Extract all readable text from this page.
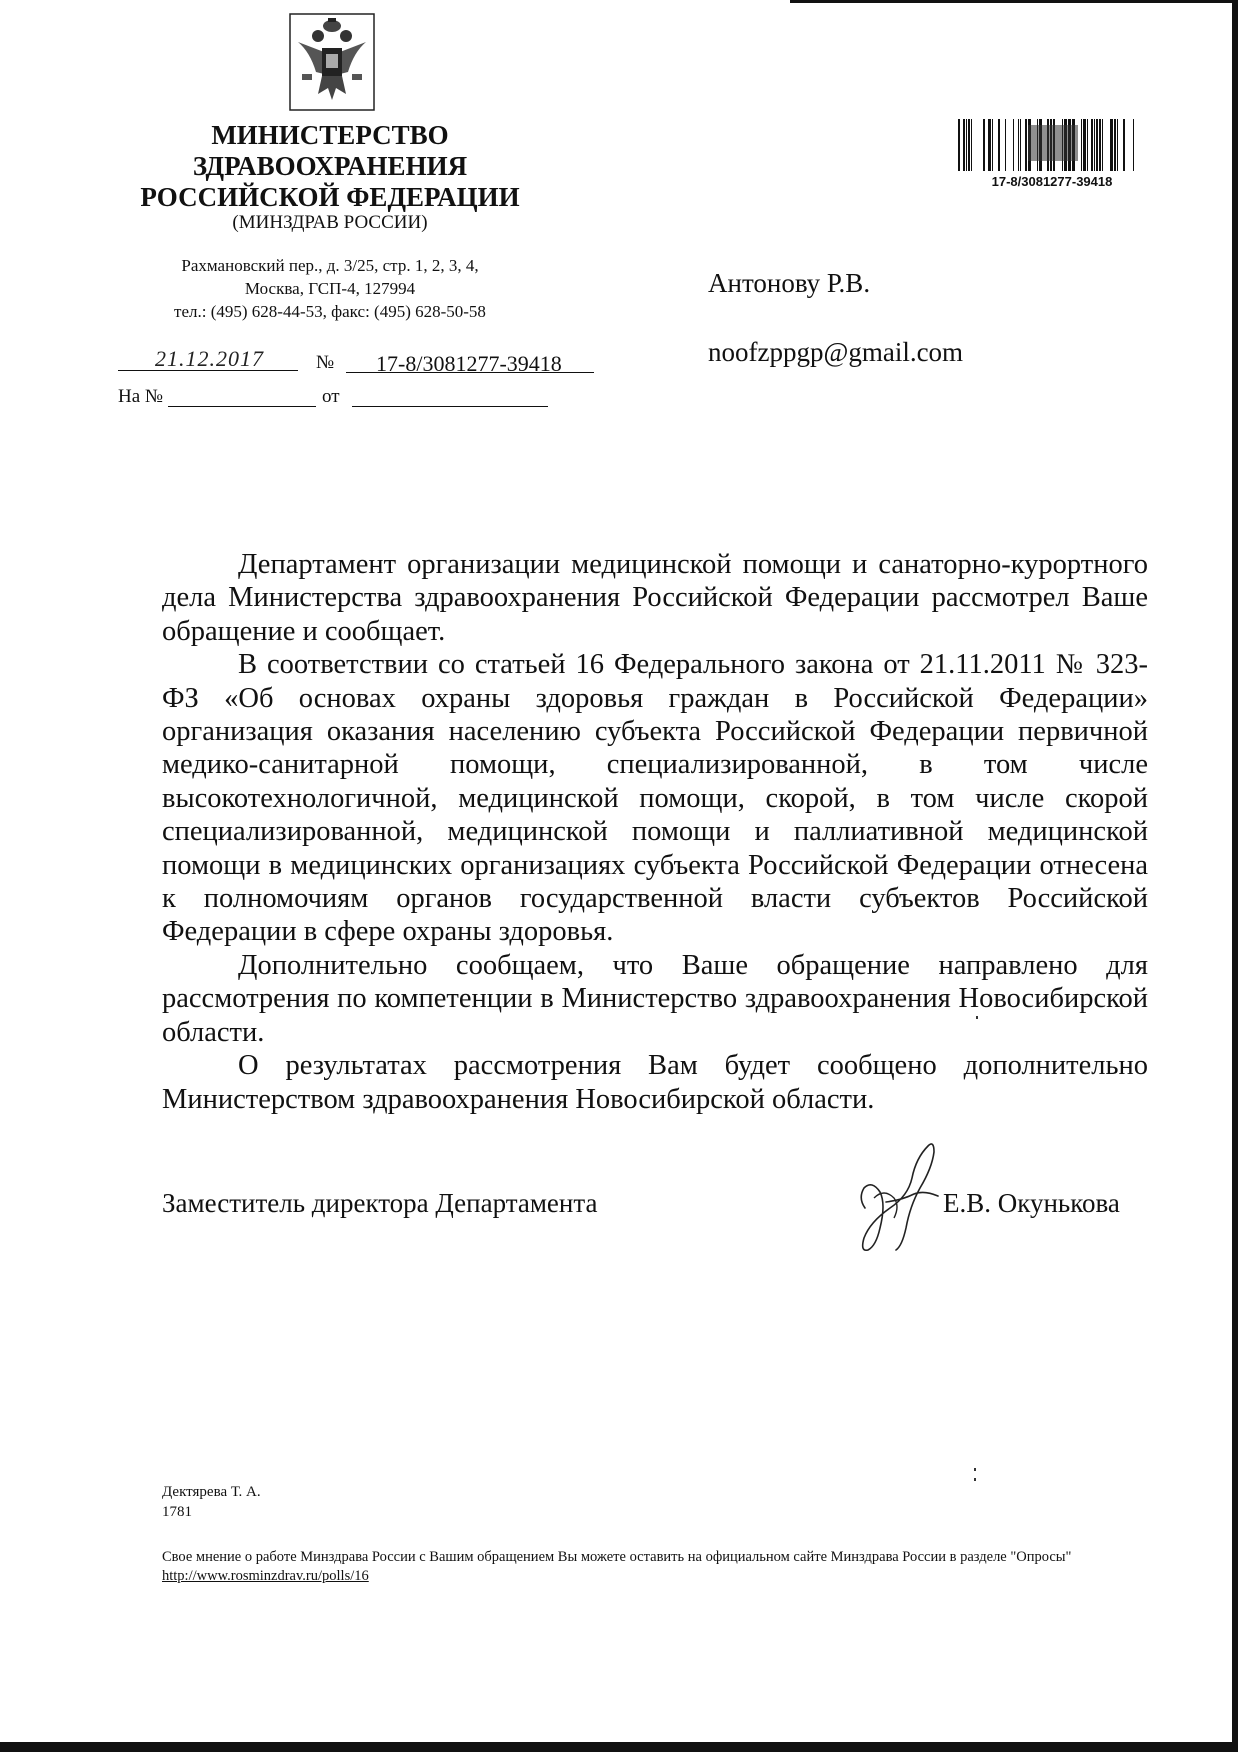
МИНИСТЕРСТВО
ЗДРАВООХРАНЕНИЯ
РОССИЙСКОЙ ФЕДЕРАЦИИ
(МИНЗДРАВ РОССИИ)
Рахмановский пер., д. 3/25, стр. 1, 2, 3, 4,
Москва, ГСП-4, 127994
тел.: (495) 628-44-53, факс: (495) 628-50-58
21.12.2017	№ 17-8/3081277-39418
На №	от
17-8/3081277-39418
Антонову Р.В.
noofzppgp@gmail.com

Департамент организации медицинской помощи и санаторно-курортного дела Министерства здравоохранения Российской Федерации рассмотрел Ваше обращение и сообщает.

В соответствии со статьей 16 Федерального закона от 21.11.2011 № 323-ФЗ «Об основах охраны здоровья граждан в Российской Федерации» организация оказания населению субъекта Российской Федерации первичной медико-санитарной помощи, специализированной, в том числе высокотехнологичной, медицинской помощи, скорой, в том числе скорой специализированной, медицинской помощи и паллиативной медицинской помощи в медицинских организациях субъекта Российской Федерации отнесена к полномочиям органов государственной власти субъектов Российской Федерации в сфере охраны здоровья.

Дополнительно сообщаем, что Ваше обращение направлено для рассмотрения по компетенции в Министерство здравоохранения Новосибирской области.

О результатах рассмотрения Вам будет сообщено дополнительно Министерством здравоохранения Новосибирской области.

Заместитель директора Департамента	Е.В. Окунькова
Дектярева Т. А.
1781
Свое мнение о работе Минздрава России с Вашим обращением Вы можете оставить на официальном сайте Минздрава России в разделе "Опросы" http://www.rosminzdrav.ru/polls/16
